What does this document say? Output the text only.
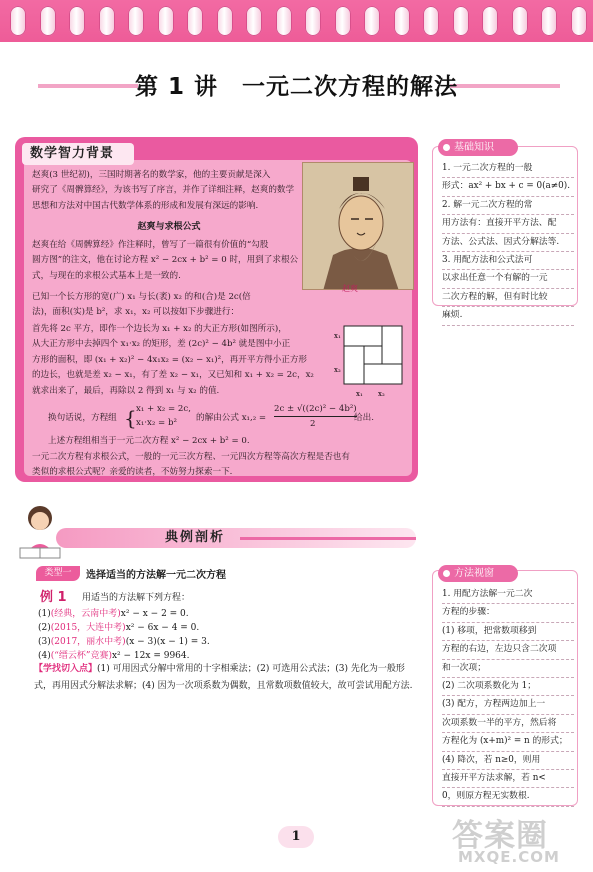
第 1 讲　一元二次方程的解法
数学智力背景
赵爽(3 世纪初)，三国时期著名的数学家，他的主要贡献是深入
研究了《周髀算经》，为该书写了序言，并作了详细注释，赵爽的数学
思想和方法对中国古代数学体系的形成和发展有深远的影响.
赵爽
赵爽与求根公式
赵爽在给《周髀算经》作注释时，曾写了一篇很有价值的“勾股
圆方图”的注文，他在讨论方程 x² − 2cx + b² = 0 时，用到了求根公
式，与现在的求根公式基本上是一致的.
已知一个长方形的宽(广) x₁ 与长(袤) x₂ 的和(合)是 2c(倍
法)，面积(实)是 b²，求 x₁，x₂ 可以按如下步骤进行：
首先将 2c 平方，即作一个边长为 x₁ + x₂ 的大正方形(如图所示)，
从大正方形中去掉四个 x₁·x₂ 的矩形，差 (2c)² − 4b² 就是图中小正
方形的面积，即 (x₁ + x₂)² − 4x₁x₂ = (x₂ − x₁)²，再开平方得小正方形
的边长，也就是差 x₂ − x₁，有了差 x₂ − x₁，又已知和 x₁ + x₂ = 2c，x₂
就求出来了，最后，再除以 2 得到 x₁ 与 x₂ 的值.
x₂
x₁ x₂
x₁
换句话说，方程组 { x₁ + x₂ = 2c,
x₁·x₂ = b² 的解由公式 x₁,₂ =
2c ± √((2c)² − 4b²)
2
给出.
上述方程组相当于一元二次方程 x² − 2cx + b² = 0.
一元二次方程有求根公式，一般的一元三次方程、一元四次方程等高次方程是否也有
类似的求根公式呢？亲爱的读者，不妨努力探索一下.
基础知识
1. 一元二次方程的一般
形式：ax² + bx + c = 0(a≠0).
2. 解一元二次方程的常
用方法有：直接开平方法、配
方法、公式法、因式分解法等.
3. 用配方法和公式法可
以求出任意一个有解的一元
二次方程的解，但有时比较
麻烦.
方法视窗
1. 用配方法解一元二次
方程的步骤：
(1) 移项，把常数项移到
方程的右边，左边只含二次项
和一次项；
(2) 二次项系数化为 1；
(3) 配方，方程两边加上一
次项系数一半的平方，然后将
方程化为 (x+m)² = n 的形式；
(4) 降次，若 n≥0，则用
直接开平方法求解，若 n<
0，则原方程无实数根.
典例剖析
类型一	选择适当的方法解一元二次方程
例 1 用适当的方法解下列方程：
(1)(经典，云南中考)x² − x − 2 = 0.
(2)(2015，大连中考)x² − 6x − 4 = 0.
(3)(2017，丽水中考)(x − 3)(x − 1) = 3.
(4)(“缙云杯”竞赛)x² − 12x = 9964.
【学找切入点】(1) 可用因式分解中常用的十字相乘法；(2) 可选用公式法；(3) 先化为一般形式，再用因式分解法求解；(4) 因为一次项系数为偶数，且常数项数值较大，故可尝试用配方法.
1	答案圈
MXQE.COM
